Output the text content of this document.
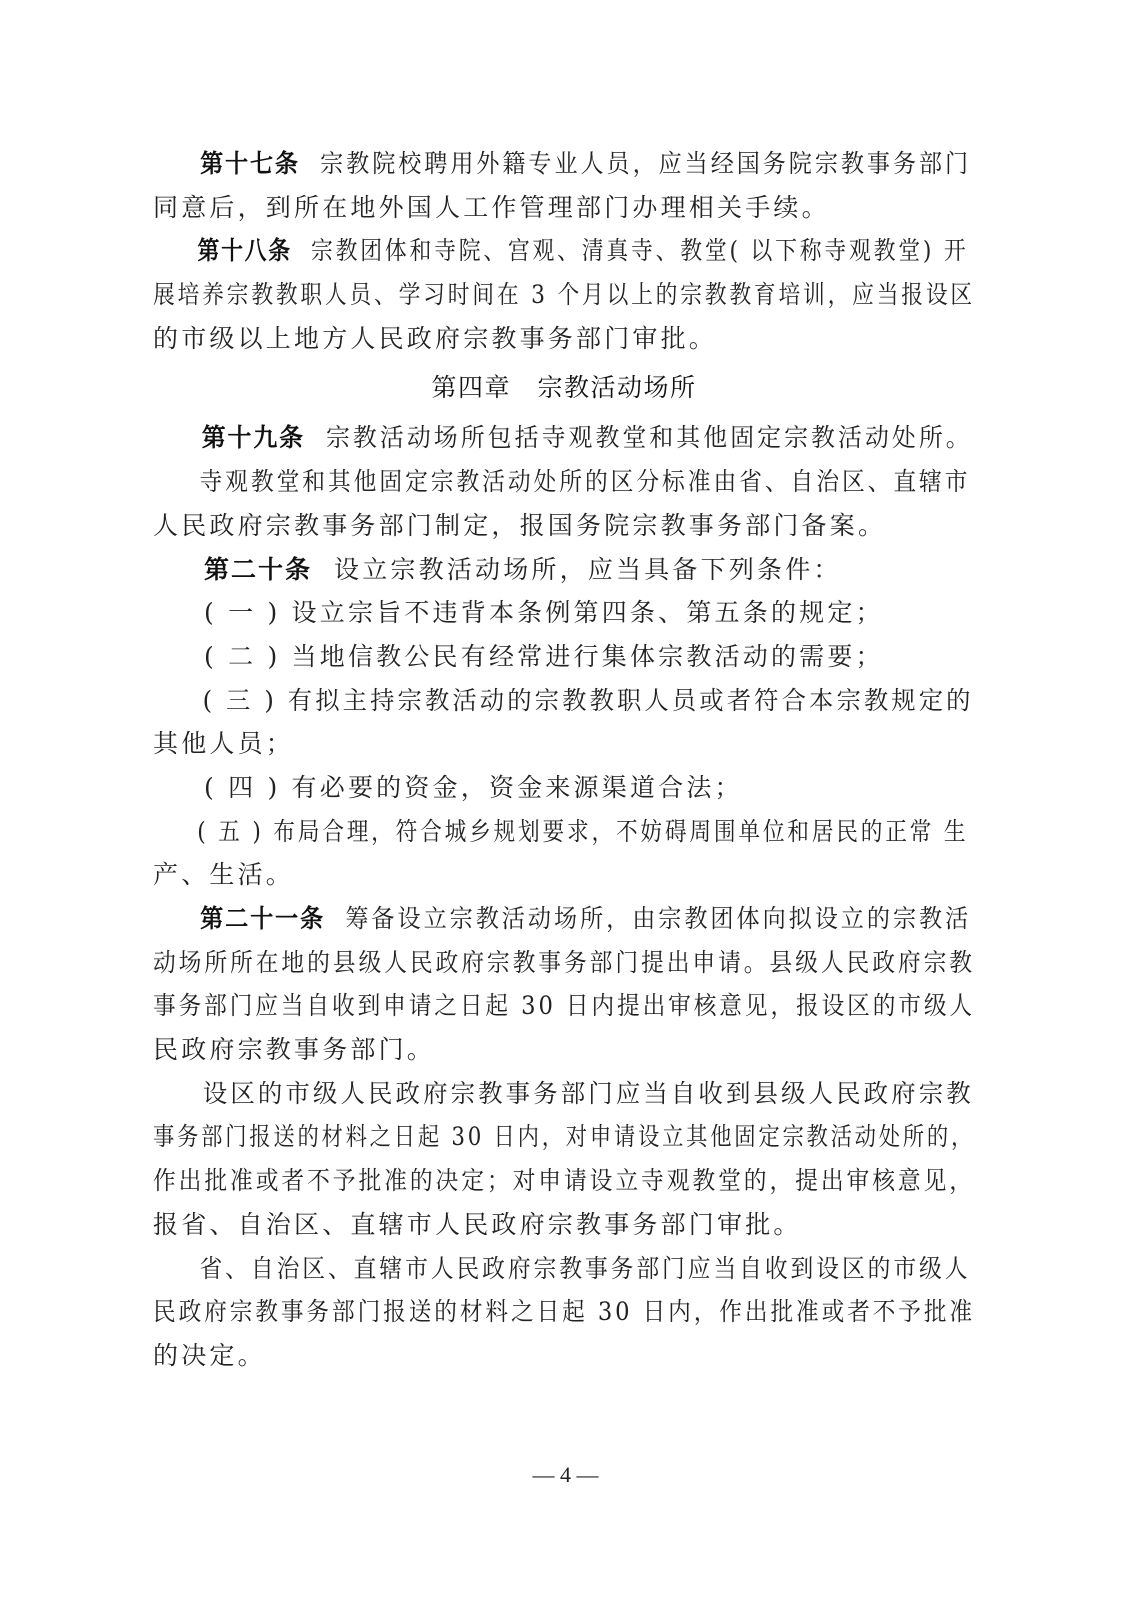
第十七条 宗教院校聘用外籍专业人员，应当经国务院宗教事务部门
同意后，到所在地外国人工作管理部门办理相关手续。
第十八条 宗教团体和寺院、宫观、清真寺、教堂( 以下称寺观教堂) 开
展培养宗教教职人员、学习时间在 3 个月以上的宗教教育培训，应当报设区
的市级以上地方人民政府宗教事务部门审批。
第四章　宗教活动场所
第十九条 宗教活动场所包括寺观教堂和其他固定宗教活动处所。
寺观教堂和其他固定宗教活动处所的区分标准由省、自治区、直辖市
人民政府宗教事务部门制定，报国务院宗教事务部门备案。
第二十条 设立宗教活动场所，应当具备下列条件：
( 一 ) 设立宗旨不违背本条例第四条、第五条的规定；
( 二 ) 当地信教公民有经常进行集体宗教活动的需要；
( 三 ) 有拟主持宗教活动的宗教教职人员或者符合本宗教规定的
其他人员；
( 四 ) 有必要的资金，资金来源渠道合法；
( 五 ) 布局合理，符合城乡规划要求，不妨碍周围单位和居民的正常 生
产、生活。
第二十一条 筹备设立宗教活动场所，由宗教团体向拟设立的宗教活
动场所所在地的县级人民政府宗教事务部门提出申请。县级人民政府宗教
事务部门应当自收到申请之日起 30 日内提出审核意见，报设区的市级人
民政府宗教事务部门。
设区的市级人民政府宗教事务部门应当自收到县级人民政府宗教
事务部门报送的材料之日起 30 日内，对申请设立其他固定宗教活动处所的，
作出批准或者不予批准的决定；对申请设立寺观教堂的，提出审核意见，
报省、自治区、直辖市人民政府宗教事务部门审批。
省、自治区、直辖市人民政府宗教事务部门应当自收到设区的市级人
民政府宗教事务部门报送的材料之日起 30 日内，作出批准或者不予批准
的决定。
— 4 —
